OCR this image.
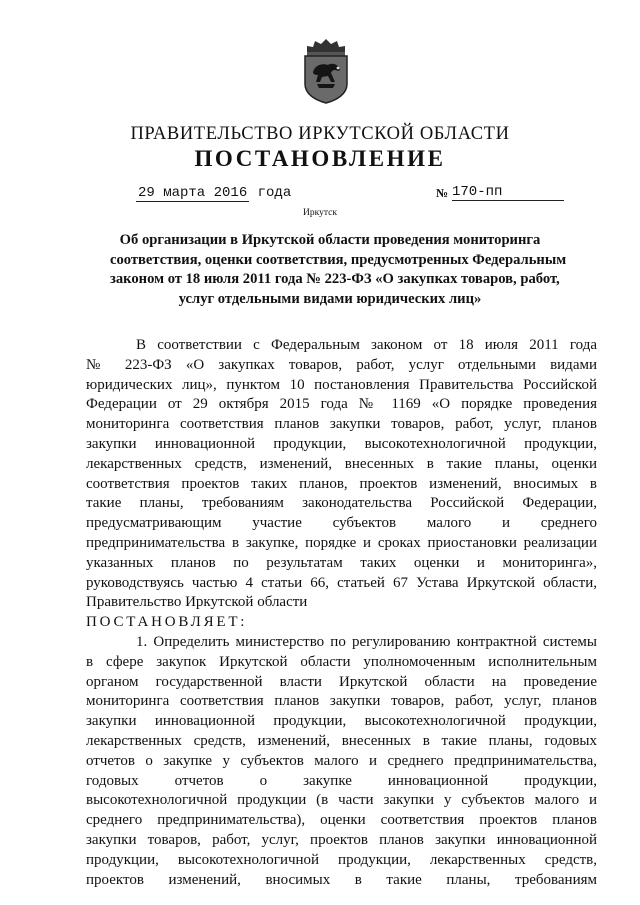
ПРАВИТЕЛЬСТВО ИРКУТСКОЙ ОБЛАСТИ
ПОСТАНОВЛЕНИЕ
29 марта 2016 года	№ 170-пп
Иркутск
Об организации в Иркутской области проведения мониторинга
соответствия, оценки соответствия, предусмотренных Федеральным
законом от 18 июля 2011 года № 223-ФЗ «О закупках товаров, работ,
услуг отдельными видами юридических лиц»
В соответствии с Федеральным законом от 18 июля 2011 года
№ 223-ФЗ «О закупках товаров, работ, услуг отдельными видами
юридических лиц», пунктом 10 постановления Правительства Российской
Федерации от 29 октября 2015 года № 1169 «О порядке проведения
мониторинга соответствия планов закупки товаров, работ, услуг, планов
закупки инновационной продукции, высокотехнологичной продукции,
лекарственных средств, изменений, внесенных в такие планы, оценки
соответствия проектов таких планов, проектов изменений, вносимых в
такие планы, требованиям законодательства Российской Федерации,
предусматривающим участие субъектов малого и среднего
предпринимательства в закупке, порядке и сроках приостановки реализации
указанных планов по результатам таких оценки и мониторинга»,
руководствуясь частью 4 статьи 66, статьей 67 Устава Иркутской области,
Правительство Иркутской области
ПОСТАНОВЛЯЕТ:
1. Определить министерство по регулированию контрактной системы
в сфере закупок Иркутской области уполномоченным исполнительным
органом государственной власти Иркутской области на проведение
мониторинга соответствия планов закупки товаров, работ, услуг, планов
закупки инновационной продукции, высокотехнологичной продукции,
лекарственных средств, изменений, внесенных в такие планы, годовых
отчетов о закупке у субъектов малого и среднего предпринимательства,
годовых отчетов о закупке инновационной продукции,
высокотехнологичной продукции (в части закупки у субъектов малого и
среднего предпринимательства), оценки соответствия проектов планов
закупки товаров, работ, услуг, проектов планов закупки инновационной
продукции, высокотехнологичной продукции, лекарственных средств,
проектов изменений, вносимых в такие планы, требованиям
